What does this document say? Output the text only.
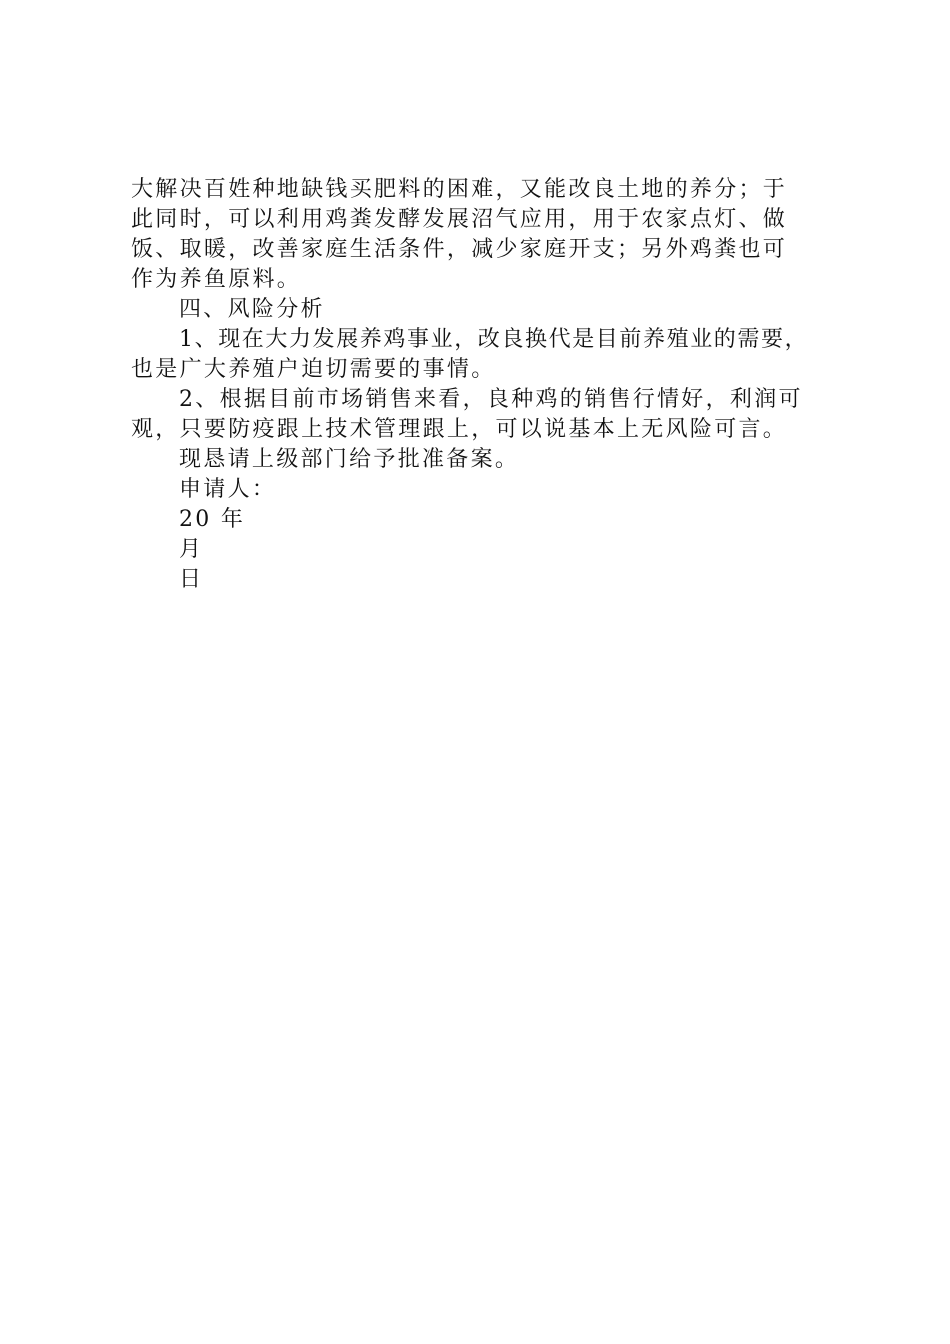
大解决百姓种地缺钱买肥料的困难，又能改良土地的养分；于
此同时，可以利用鸡粪发酵发展沼气应用，用于农家点灯、做
饭、取暖，改善家庭生活条件，减少家庭开支；另外鸡粪也可
作为养鱼原料。
四、风险分析
1、现在大力发展养鸡事业，改良换代是目前养殖业的需要，
也是广大养殖户迫切需要的事情。
2、根据目前市场销售来看，良种鸡的销售行情好，利润可
观，只要防疫跟上技术管理跟上，可以说基本上无风险可言。
现恳请上级部门给予批准备案。
申请人：
20 年
月
日
